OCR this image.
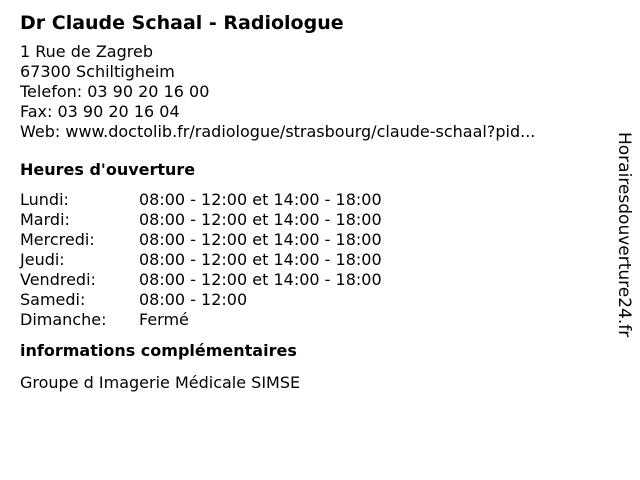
Dr Claude Schaal - Radiologue
1 Rue de Zagreb
67300 Schiltigheim
Telefon: 03 90 20 16 00
Fax: 03 90 20 16 04
Web: www.doctolib.fr/radiologue/strasbourg/claude-schaal?pid...
Heures d'ouverture
Lundi:	08:00 - 12:00 et 14:00 - 18:00
Mardi:	08:00 - 12:00 et 14:00 - 18:00
Mercredi:	08:00 - 12:00 et 14:00 - 18:00
Jeudi:	08:00 - 12:00 et 14:00 - 18:00
Vendredi:	08:00 - 12:00 et 14:00 - 18:00
Samedi:	08:00 - 12:00
Dimanche:	Fermé
informations complémentaires
Groupe d Imagerie Médicale SIMSE
Horairesdouverture24.fr
